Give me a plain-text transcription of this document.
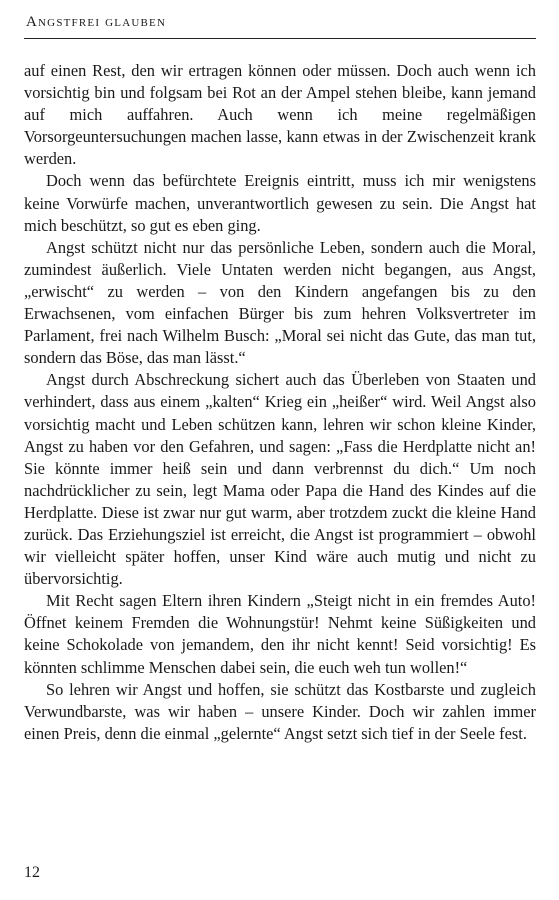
Angstfrei glauben

auf einen Rest, den wir ertragen können oder müssen. Doch auch wenn ich vorsichtig bin und folgsam bei Rot an der Ampel stehen bleibe, kann jemand auf mich auffahren. Auch wenn ich meine regelmäßigen Vorsorgeuntersuchungen machen lasse, kann etwas in der Zwischenzeit krank werden.

Doch wenn das befürchtete Ereignis eintritt, muss ich mir wenigstens keine Vorwürfe machen, unverantwortlich gewesen zu sein. Die Angst hat mich beschützt, so gut es eben ging.

Angst schützt nicht nur das persönliche Leben, sondern auch die Moral, zumindest äußerlich. Viele Untaten werden nicht begangen, aus Angst, „erwischt“ zu werden – von den Kindern angefangen bis zu den Erwachsenen, vom einfachen Bürger bis zum hehren Volksvertreter im Parlament, frei nach Wilhelm Busch: „Moral sei nicht das Gute, das man tut, sondern das Böse, das man lässt.“

Angst durch Abschreckung sichert auch das Überleben von Staaten und verhindert, dass aus einem „kalten“ Krieg ein „heißer“ wird. Weil Angst also vorsichtig macht und Leben schützen kann, lehren wir schon kleine Kinder, Angst zu haben vor den Gefahren, und sagen: „Fass die Herdplatte nicht an! Sie könnte immer heiß sein und dann verbrennst du dich.“ Um noch nachdrücklicher zu sein, legt Mama oder Papa die Hand des Kindes auf die Herdplatte. Diese ist zwar nur gut warm, aber trotzdem zuckt die kleine Hand zurück. Das Erziehungsziel ist erreicht, die Angst ist programmiert – obwohl wir vielleicht später hoffen, unser Kind wäre auch mutig und nicht zu übervorsichtig.

Mit Recht sagen Eltern ihren Kindern „Steigt nicht in ein fremdes Auto! Öffnet keinem Fremden die Wohnungstür! Nehmt keine Süßigkeiten und keine Schokolade von jemandem, den ihr nicht kennt! Seid vorsichtig! Es könnten schlimme Menschen dabei sein, die euch weh tun wollen!“

So lehren wir Angst und hoffen, sie schützt das Kostbarste und zugleich Verwundbarste, was wir haben – unsere Kinder. Doch wir zahlen immer einen Preis, denn die einmal „gelernte“ Angst setzt sich tief in der Seele fest.

12
